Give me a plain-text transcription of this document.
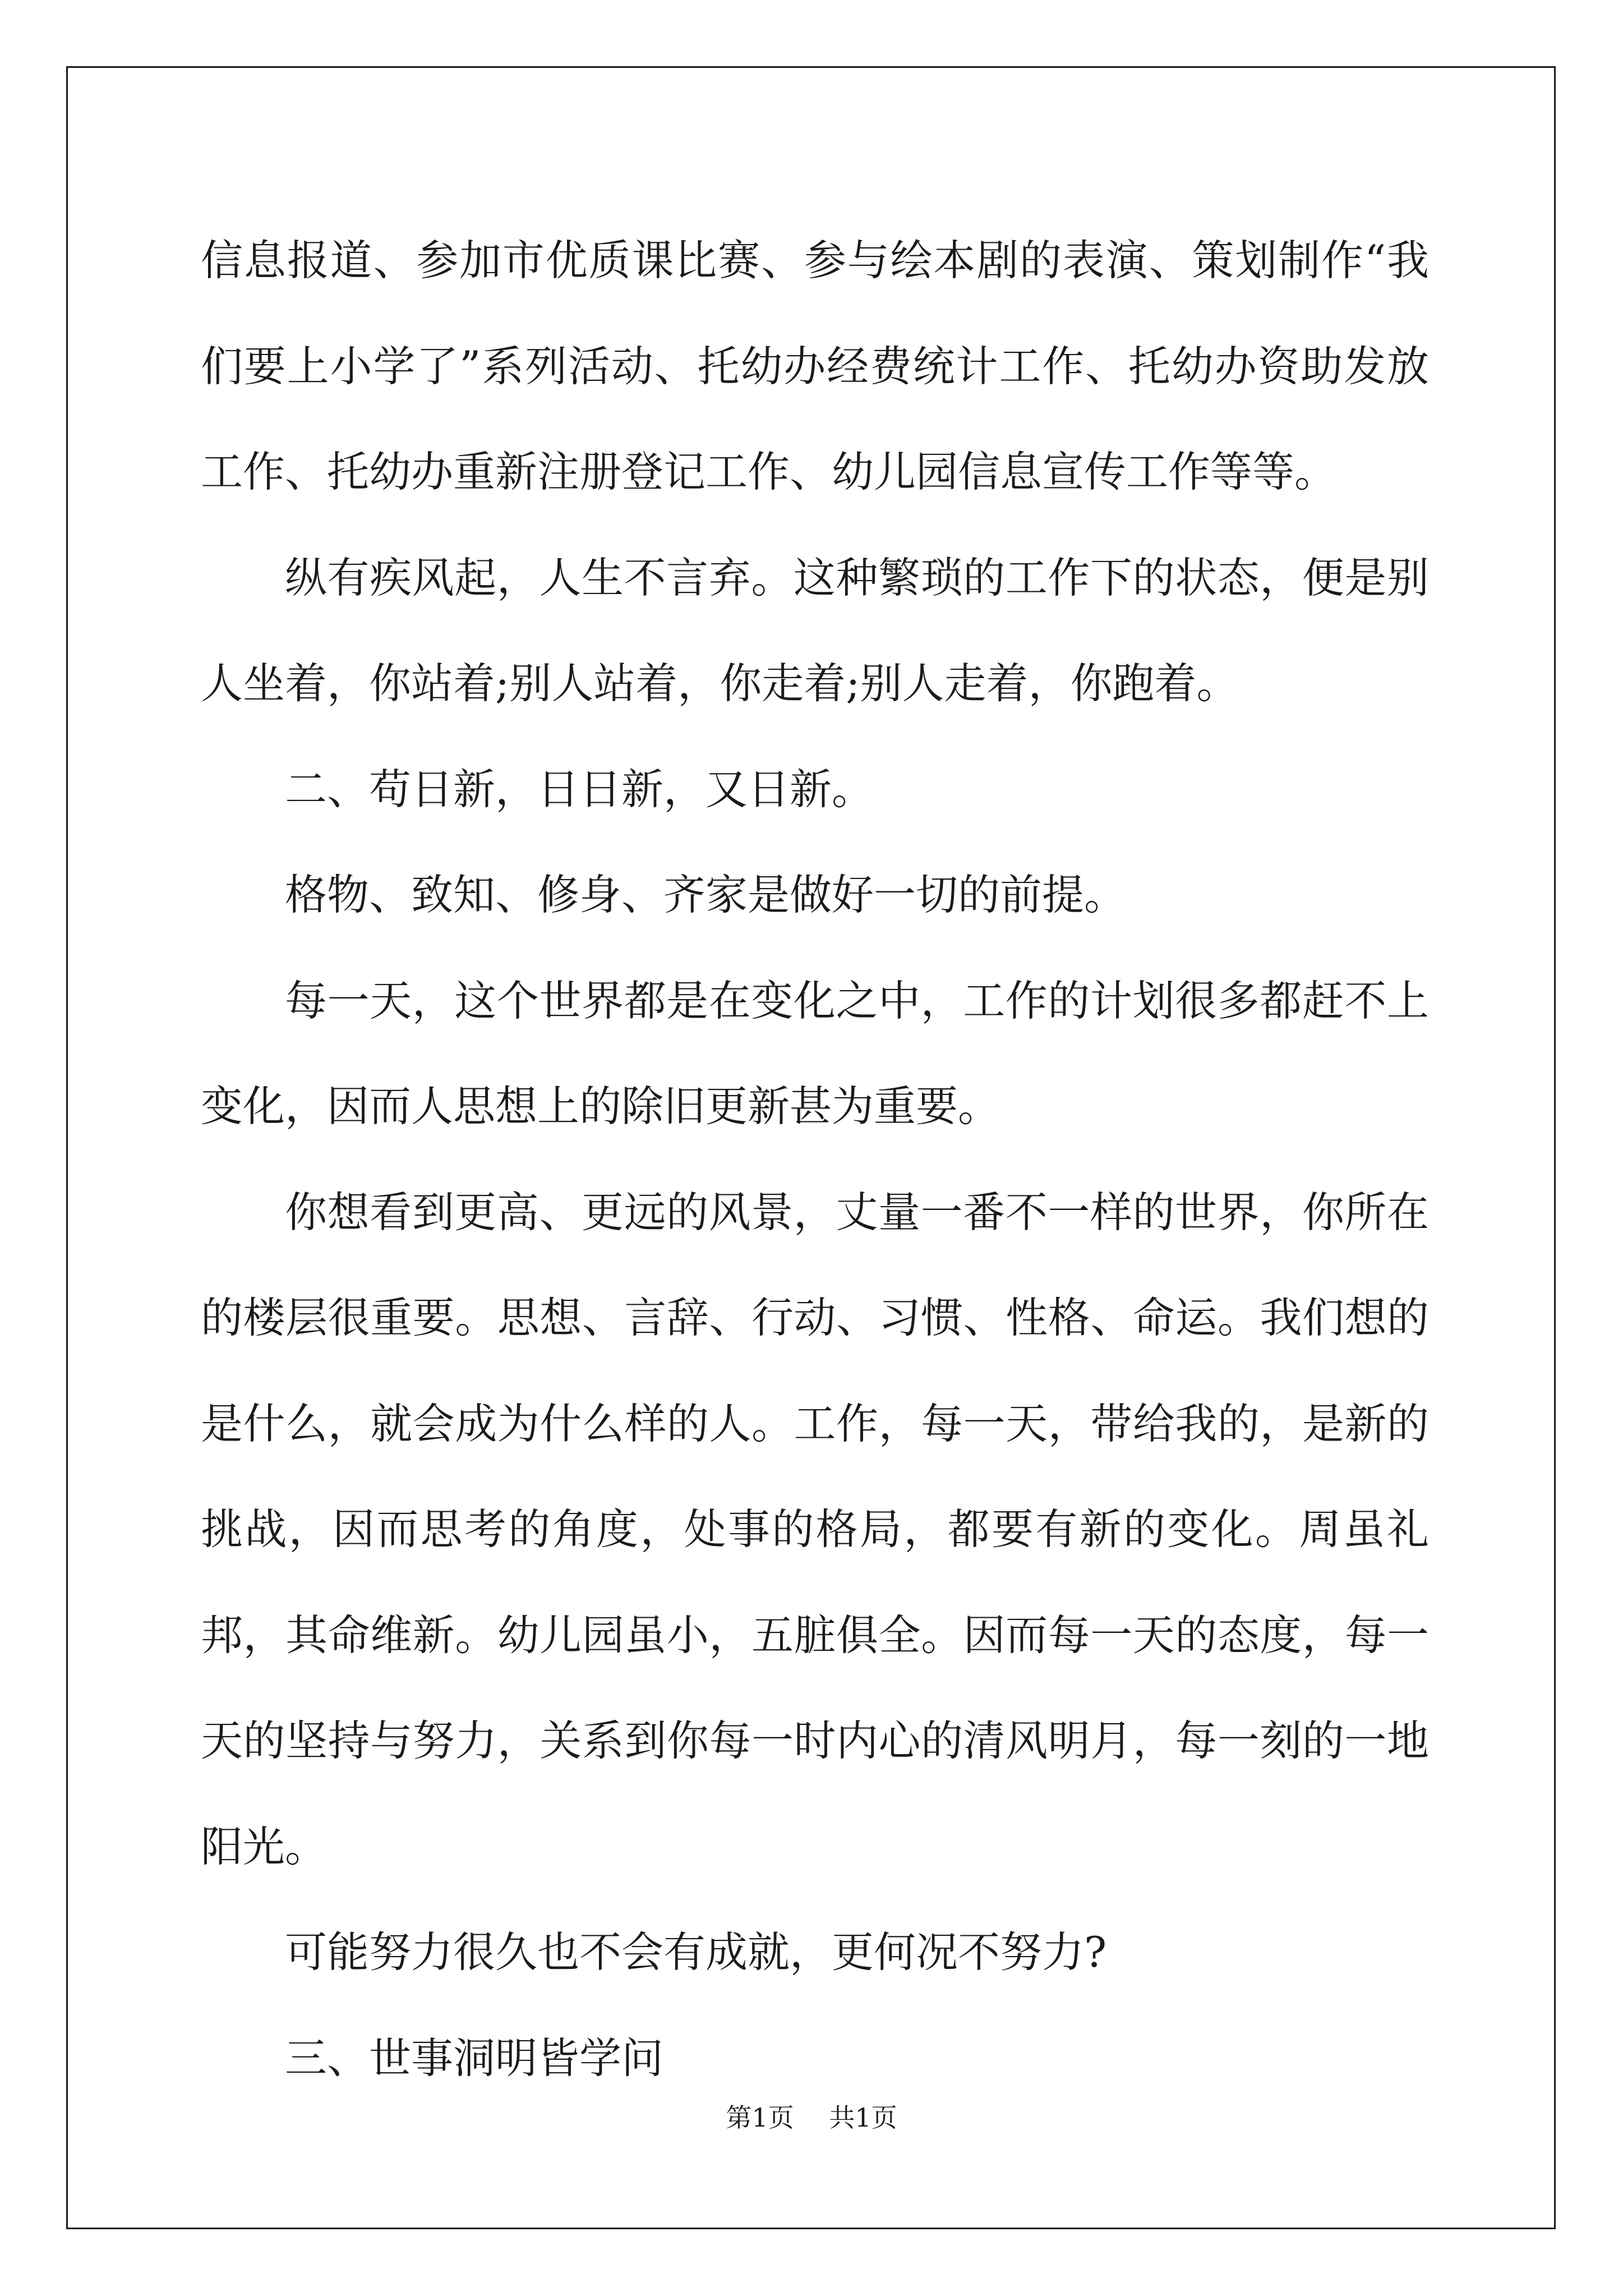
信息报道、参加市优质课比赛、参与绘本剧的表演、策划制作“我们要上小学了”系列活动、托幼办经费统计工作、托幼办资助发放工作、托幼办重新注册登记工作、幼儿园信息宣传工作等等。

纵有疾风起，人生不言弃。这种繁琐的工作下的状态，便是别人坐着，你站着;别人站着，你走着;别人走着，你跑着。

二、苟日新，日日新，又日新。

格物、致知、修身、齐家是做好一切的前提。

每一天，这个世界都是在变化之中，工作的计划很多都赶不上变化，因而人思想上的除旧更新甚为重要。

你想看到更高、更远的风景，丈量一番不一样的世界，你所在的楼层很重要。思想、言辞、行动、习惯、性格、命运。我们想的是什么，就会成为什么样的人。工作，每一天，带给我的，是新的挑战，因而思考的角度，处事的格局，都要有新的变化。周虽礼邦，其命维新。幼儿园虽小，五脏俱全。因而每一天的态度，每一天的坚持与努力，关系到你每一时内心的清风明月，每一刻的一地阳光。

可能努力很久也不会有成就，更何况不努力?

三、世事洞明皆学问

第1页 共1页
